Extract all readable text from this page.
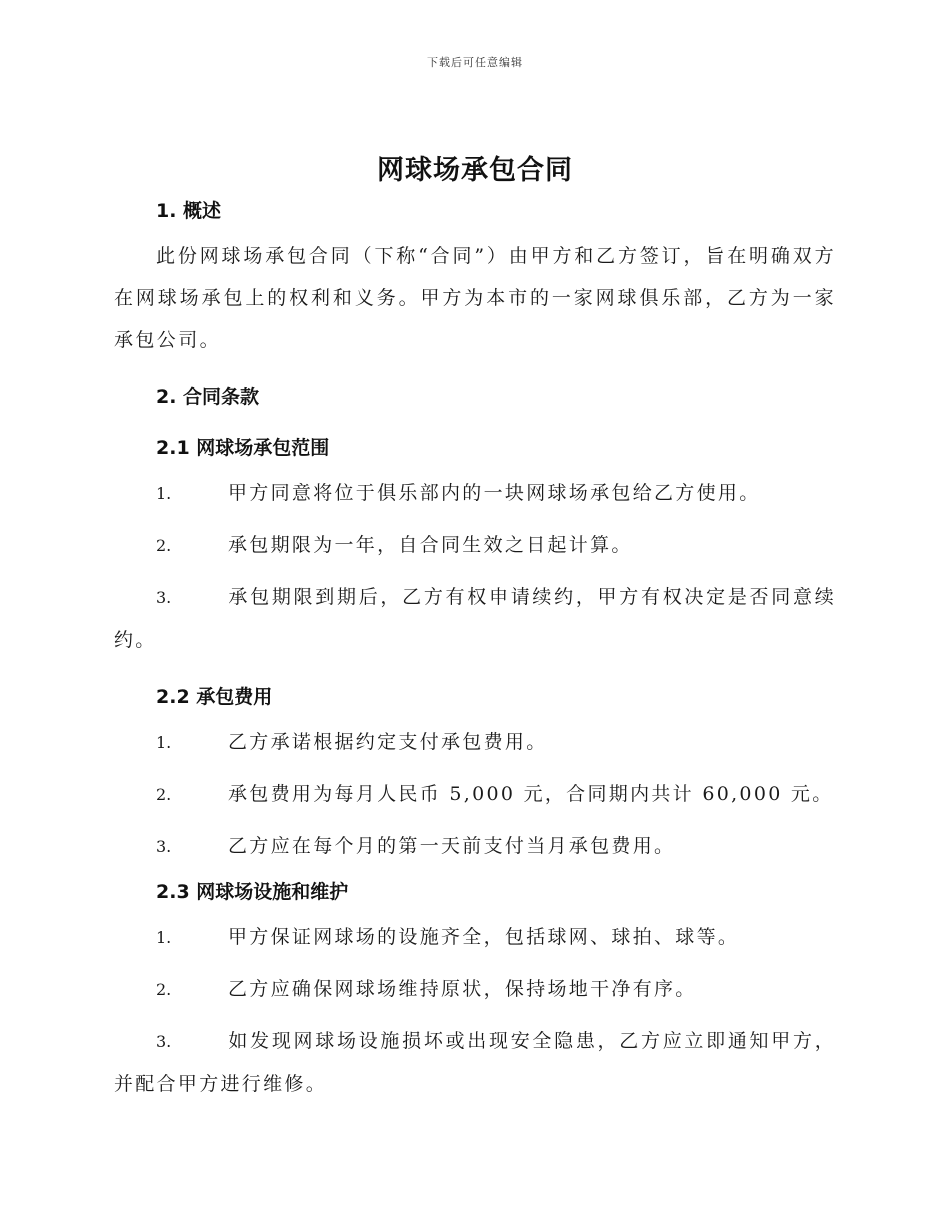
下载后可任意编辑
网球场承包合同

1. 概述

此份网球场承包合同（下称“合同”）由甲方和乙方签订，旨在明确双方在网球场承包上的权利和义务。甲方为本市的一家网球俱乐部，乙方为一家承包公司。

2. 合同条款

2.1 网球场承包范围

1.	甲方同意将位于俱乐部内的一块网球场承包给乙方使用。

2.	承包期限为一年，自合同生效之日起计算。

3.	承包期限到期后，乙方有权申请续约，甲方有权决定是否同意续约。

2.2 承包费用

1.	乙方承诺根据约定支付承包费用。

2.	承包费用为每月人民币 5,000 元，合同期内共计 60,000 元。

3.	乙方应在每个月的第一天前支付当月承包费用。

2.3 网球场设施和维护

1.	甲方保证网球场的设施齐全，包括球网、球拍、球等。

2.	乙方应确保网球场维持原状，保持场地干净有序。

3.	如发现网球场设施损坏或出现安全隐患，乙方应立即通知甲方，并配合甲方进行维修。
